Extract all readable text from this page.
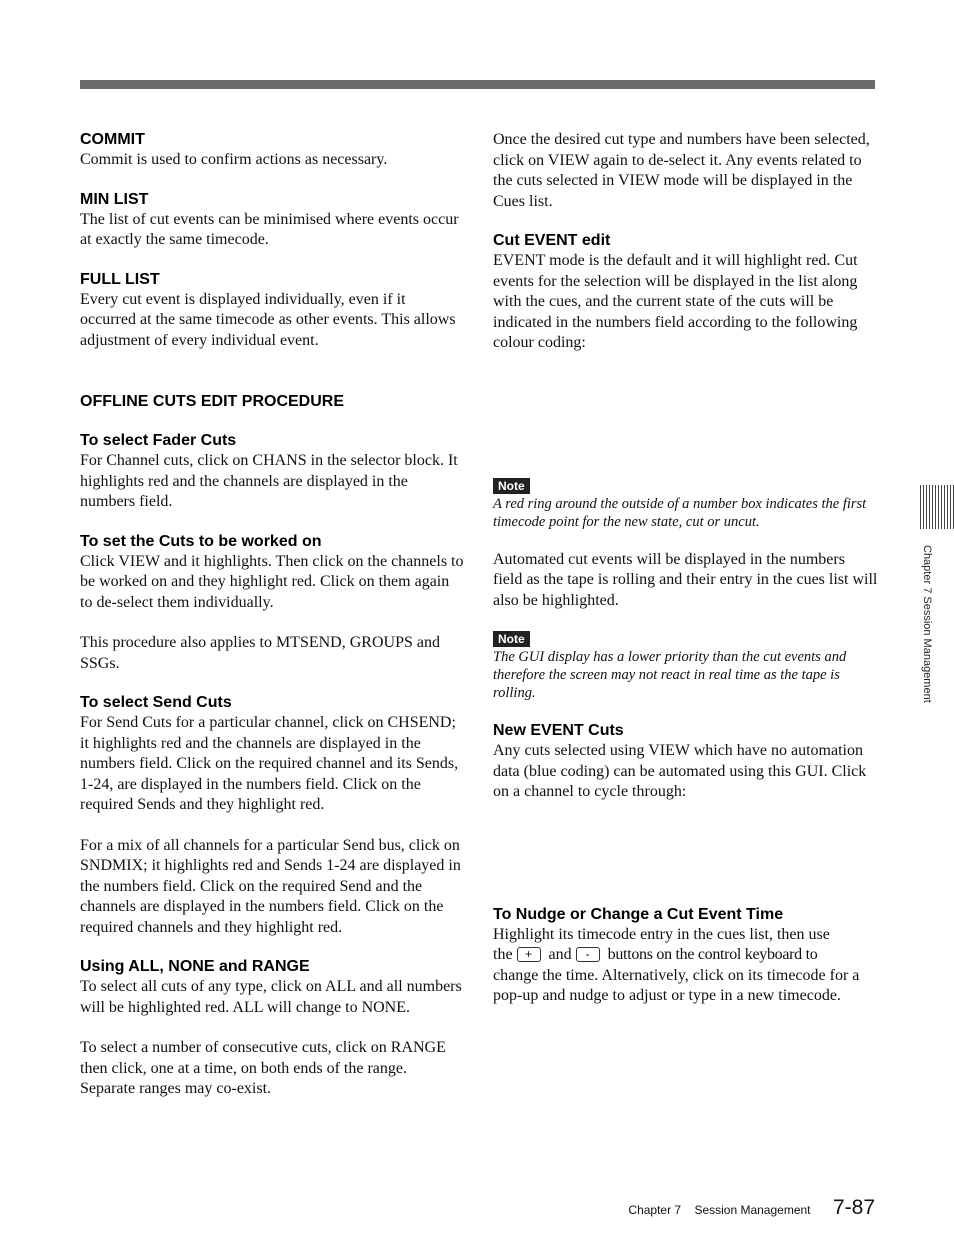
COMMIT

Commit is used to confirm actions as necessary.

MIN LIST

The list of cut events can be minimised where events occur at exactly the same timecode.

FULL LIST

Every cut event is displayed individually, even if it occurred at the same timecode as other events. This allows adjustment of every individual event.

OFFLINE CUTS EDIT PROCEDURE

To select Fader Cuts

For Channel cuts, click on CHANS in the selector block. It highlights red and the channels are displayed in the numbers field.

To set the Cuts to be worked on

Click VIEW and it highlights. Then click on the channels to be worked on and they highlight red. Click on them again to de-select them individually.

This procedure also applies to MTSEND, GROUPS and SSGs.

To select Send Cuts

For Send Cuts for a particular channel, click on CHSEND; it highlights red and the channels are displayed in the numbers field. Click on the required channel and its Sends, 1-24, are displayed in the numbers field. Click on the required Sends and they highlight red.

For a mix of all channels for a particular Send bus, click on SNDMIX; it highlights red and Sends 1-24 are displayed in the numbers field. Click on the required Send and the channels are displayed in the numbers field. Click on the required channels and they highlight red.

Using ALL, NONE and RANGE

To select all cuts of any type, click on ALL and all numbers will be highlighted red. ALL will change to NONE.

To select a number of consecutive cuts, click on RANGE then click, one at a time, on both ends of the range. Separate ranges may co-exist.

Once the desired cut type and numbers have been selected, click on VIEW again to de-select it. Any events related to the cuts selected in VIEW mode will be displayed in the Cues list.

Cut EVENT edit

EVENT mode is the default and it will highlight red. Cut events for the selection will be displayed in the list along with the cues, and the current state of the cuts will be indicated in the numbers field according to the following colour coding:

Note

A red ring around the outside of a number box indicates the first timecode point for the new state, cut or uncut.

Automated cut events will be displayed in the numbers field as the tape is rolling and their entry in the cues list will also be highlighted.

Note

The GUI display has a lower priority than the cut events and therefore the screen may not react in real time as the tape is rolling.

New EVENT Cuts

Any cuts selected using VIEW which have no automation data (blue coding) can be automated using this GUI. Click on a channel to cycle through:

To Nudge or Change a Cut Event Time

Highlight its timecode entry in the cues list, then use

the + and - buttons on the control keyboard to

change the time. Alternatively, click on its timecode for a pop-up and nudge to adjust or type in a new timecode.

Chapter 7 Session Management
Chapter 7    Session Management 7-87
